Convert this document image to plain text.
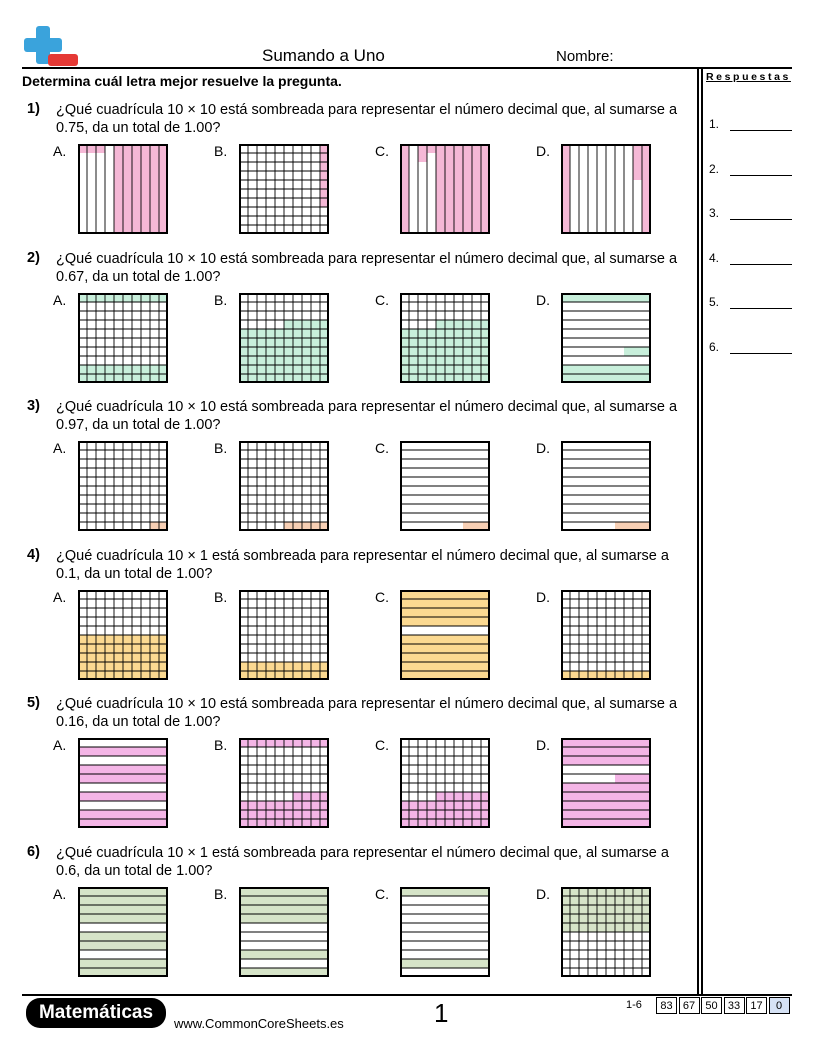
Sumando a Uno	Nombre:
Determina cuál letra mejor resuelve la pregunta.	Respuestas
1.
2.
3.
4.
5.
6.
1) ¿Qué cuadrícula 10 × 10 está sombreada para representar el número decimal que, al sumarse a 0.75, da un total de 1.00?
A.	B.	C.	D.
2) ¿Qué cuadrícula 10 × 10 está sombreada para representar el número decimal que, al sumarse a 0.67, da un total de 1.00?
A.	B.	C.	D.
3) ¿Qué cuadrícula 10 × 10 está sombreada para representar el número decimal que, al sumarse a 0.97, da un total de 1.00?
A.	B.	C.	D.
4) ¿Qué cuadrícula 10 × 1 está sombreada para representar el número decimal que, al sumarse a 0.1, da un total de 1.00?
A.	B.	C.	D.
5) ¿Qué cuadrícula 10 × 10 está sombreada para representar el número decimal que, al sumarse a 0.16, da un total de 1.00?
A.	B.	C.	D.
6) ¿Qué cuadrícula 10 × 1 está sombreada para representar el número decimal que, al sumarse a 0.6, da un total de 1.00?
A.	B.	C.	D.
Matemáticas
www.CommonCoreSheets.es	1	1-6	83 67 50 33 17	0
